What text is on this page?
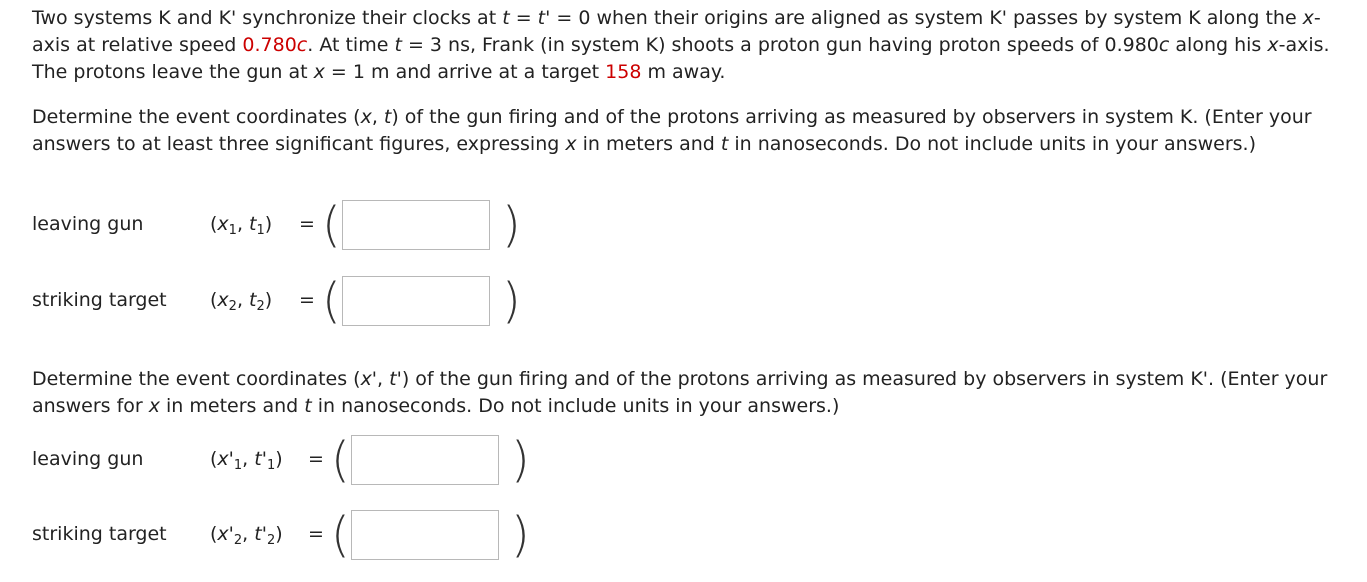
Two systems K and K' synchronize their clocks at t = t' = 0 when their origins are aligned as system K' passes by system K along the x-axis at relative speed 0.780c. At time t = 3 ns, Frank (in system K) shoots a proton gun having proton speeds of 0.980c along his x-axis. The protons leave the gun at x = 1 m and arrive at a target 158 m away.

Determine the event coordinates (x, t) of the gun firing and of the protons arriving as measured by observers in system K. (Enter your answers to at least three significant figures, expressing x in meters and t in nanoseconds. Do not include units in your answers.)

leaving gun	($x_1$, $t_1$) = (	)
striking target ($x_2$, $t_2$) = (	)

Determine the event coordinates (x', t') of the gun firing and of the protons arriving as measured by observers in system K'. (Enter your answers for x in meters and t in nanoseconds. Do not include units in your answers.)

leaving gun	($x'_1$, $t'_1$) = (	)
striking target ($x'_2$, $t'_2$) = (	)
